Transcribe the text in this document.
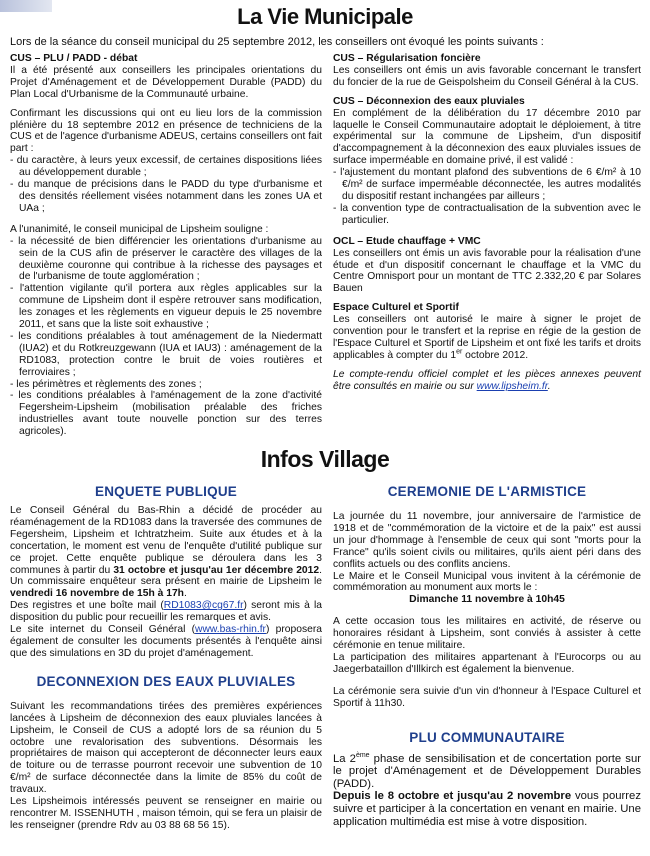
La Vie Municipale
Lors de la séance du conseil municipal du 25 septembre 2012, les conseillers ont évoqué les points suivants :
CUS – PLU / PADD - débat

Il a été présenté aux conseillers les principales orientations du Projet d'Aménagement et de Développement Durable (PADD) du Plan Local d'Urbanisme de la Communauté urbaine.

Confirmant les discussions qui ont eu lieu lors de la commission plénière du 18 septembre 2012 en présence de techniciens de la CUS et de l'agence d'urbanisme ADEUS, certains conseillers ont fait part :

- du caractère, à leurs yeux excessif, de certaines dispositions liées au développement durable ;
- du manque de précisions dans le PADD du type d'urbanisme et des densités réellement visées notamment dans les zones UA et UAa ;

A l'unanimité, le conseil municipal de Lipsheim souligne :

- la nécessité de bien différencier les orientations d'urbanisme au sein de la CUS afin de préserver le caractère des villages de la deuxième couronne qui contribue à la richesse des paysages et de l'urbanisme de toute agglomération ;
- l'attention vigilante qu'il portera aux règles applicables sur la commune de Lipsheim dont il espère retrouver sans modification, les zonages et les règlements en vigueur depuis le 25 novembre 2011, et sans que la liste soit exhaustive ;
- les conditions préalables à tout aménagement de la Niedermatt (IUA2) et du Rotkreuzgewann (IUA et IAU3) : aménagement de la RD1083, protection contre le bruit de voies routières et ferroviaires ;
- les périmètres et règlements des zones ;
- les conditions préalables à l'aménagement de la zone d'activité Fegersheim-Lipsheim (mobilisation préalable des friches industrielles avant toute nouvelle ponction sur des terres agricoles).
CUS – Régularisation foncière

Les conseillers ont émis un avis favorable concernant le transfert du foncier de la rue de Geispolsheim du Conseil Général à la CUS.

CUS – Déconnexion des eaux pluviales

En complément de la délibération du 17 décembre 2010 par laquelle le Conseil Communautaire adoptait le déploiement, à titre expérimental sur la commune de Lipsheim, d'un dispositif d'accompagnement à la déconnexion des eaux pluviales issues de surface imperméable en domaine privé, il est validé :

- l'ajustement du montant plafond des subventions de 6 €/m² à 10 €/m² de surface imperméable déconnectée, les autres modalités du dispositif restant inchangées par ailleurs ;
- la convention type de contractualisation de la subvention avec le particulier.
OCL – Etude chauffage + VMC

Les conseillers ont émis un avis favorable pour la réalisation d'une étude et d'un dispositif concernant le chauffage et la VMC du Centre Omnisport pour un montant de TTC 2.332,20 € par Solares Bauen

Espace Culturel et Sportif

Les conseillers ont autorisé le maire à signer le projet de convention pour le transfert et la reprise en régie de la gestion de l'Espace Culturel et Sportif de Lipsheim et ont fixé les tarifs et droits applicables à compter du 1er octobre 2012.

Le compte-rendu officiel complet et les pièces annexes peuvent être consultés en mairie ou sur www.lipsheim.fr.

Infos Village
ENQUETE PUBLIQUE

Le Conseil Général du Bas-Rhin a décidé de procéder au réaménagement de la RD1083 dans la traversée des communes de Fegersheim, Lipsheim et Ichtratzheim. Suite aux études et à la concertation, le moment est venu de l'enquête d'utilité publique sur ce projet. Cette enquête publique se déroulera dans les 3 communes à partir du 31 octobre et jusqu'au 1er décembre 2012. Un commissaire enquêteur sera présent en mairie de Lipsheim le vendredi 16 novembre de 15h à 17h.

Des registres et une boîte mail (RD1083@cg67.fr) seront mis à la disposition du public pour recueillir les remarques et avis.

Le site internet du Conseil Général (www.bas-rhin.fr) proposera également de consulter les documents présentés à l'enquête ainsi que des simulations en 3D du projet d'aménagement.

DECONNEXION DES EAUX PLUVIALES

Suivant les recommandations tirées des premières expériences lancées à Lipsheim de déconnexion des eaux pluviales lancées à Lipsheim, le Conseil de CUS a adopté lors de sa réunion du 5 octobre une revalorisation des subventions. Désormais les propriétaires de maison qui accepteront de déconnecter leurs eaux de toiture ou de terrasse pourront recevoir une subvention de 10 €/m² de surface déconnectée dans la limite de 85% du coût de travaux.

Les Lipsheimois intéressés peuvent se renseigner en mairie ou rencontrer M. ISSENHUTH , maison témoin, qui se fera un plaisir de les renseigner (prendre Rdv au 03 88 68 56 15).

CEREMONIE DE L'ARMISTICE

La journée du 11 novembre, jour anniversaire de l'armistice de 1918 et de "commémoration de la victoire et de la paix" est aussi un jour d'hommage à l'ensemble de ceux qui sont "morts pour la France" qu'ils soient civils ou militaires, qu'ils aient péri dans des conflits actuels ou des conflits anciens.

Le Maire et le Conseil Municipal vous invitent à la cérémonie de commémoration au monument aux morts le :

Dimanche 11 novembre à 10h45

A cette occasion tous les militaires en activité, de réserve ou honoraires résidant à Lipsheim, sont conviés à assister à cette cérémonie en tenue militaire.

La participation des militaires appartenant à l'Eurocorps ou au Jaegerbataillon d'Illkirch est également la bienvenue.

La cérémonie sera suivie d'un vin d'honneur à l'Espace Culturel et Sportif à 11h30.

PLU COMMUNAUTAIRE

La 2ème phase de sensibilisation et de concertation porte sur le projet d'Aménagement et de Développement Durables (PADD).

Depuis le 8 octobre et jusqu'au 2 novembre vous pourrez suivre et participer à la concertation en venant en mairie. Une application multimédia est mise à votre disposition.
